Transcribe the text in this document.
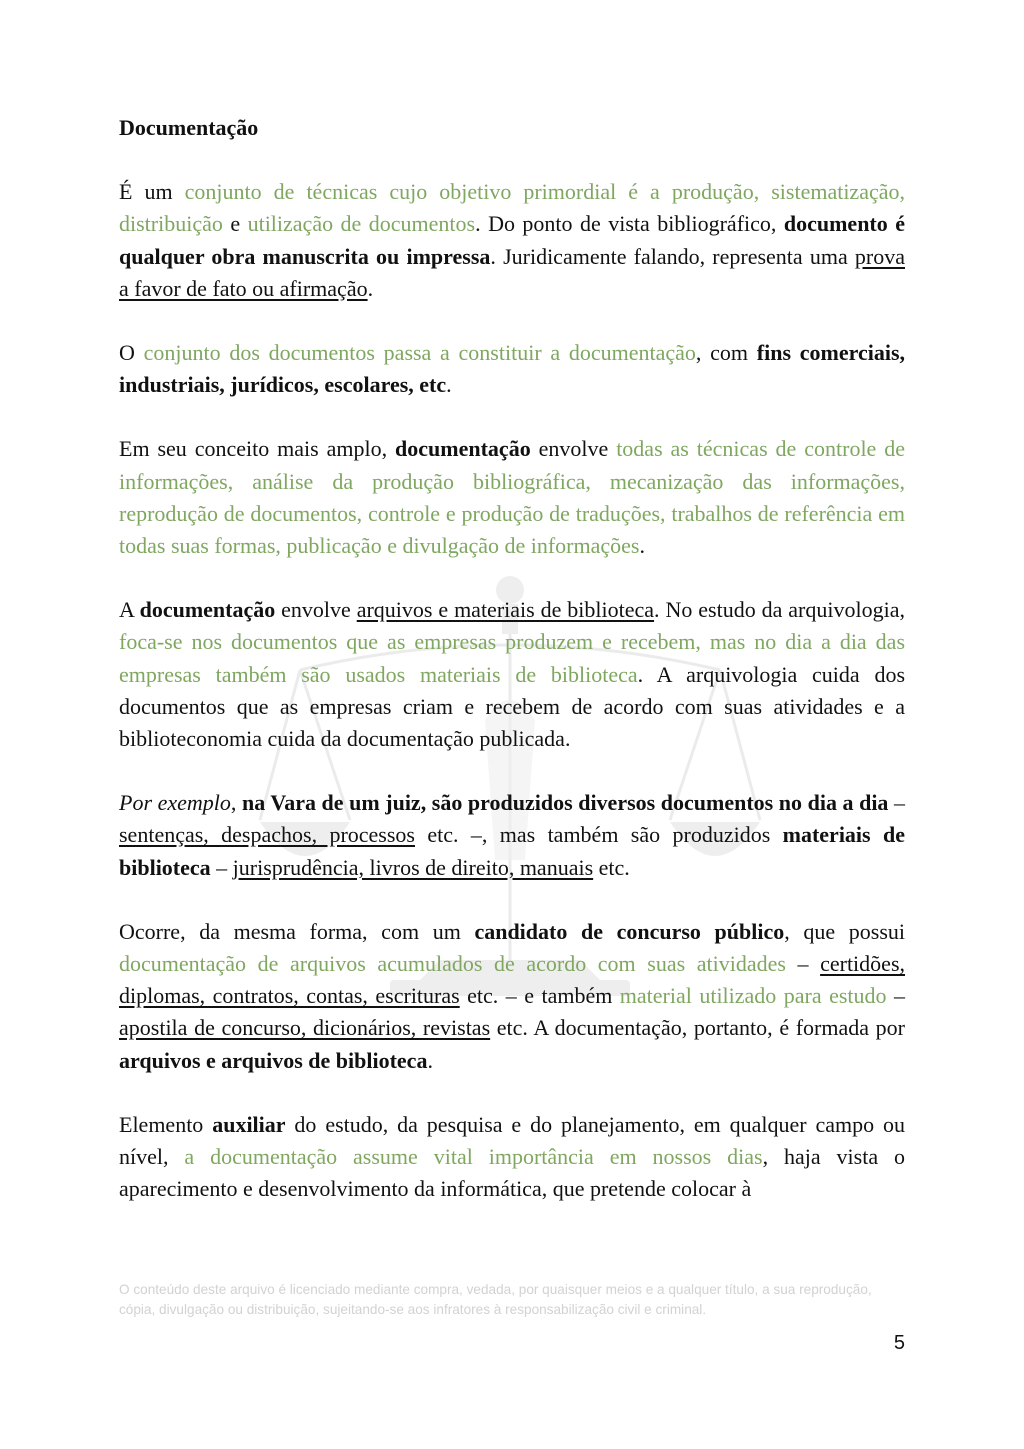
Documentação

É um conjunto de técnicas cujo objetivo primordial é a produção, sistematização, distribuição e utilização de documentos. Do ponto de vista bibliográfico, documento é qualquer obra manuscrita ou impressa. Juridicamente falando, representa uma prova a favor de fato ou afirmação.

O conjunto dos documentos passa a constituir a documentação, com fins comerciais, industriais, jurídicos, escolares, etc.

Em seu conceito mais amplo, documentação envolve todas as técnicas de controle de informações, análise da produção bibliográfica, mecanização das informações, reprodução de documentos, controle e produção de traduções, trabalhos de referência em todas suas formas, publicação e divulgação de informações.

A documentação envolve arquivos e materiais de biblioteca. No estudo da arquivologia, foca-se nos documentos que as empresas produzem e recebem, mas no dia a dia das empresas também são usados materiais de biblioteca. A arquivologia cuida dos documentos que as empresas criam e recebem de acordo com suas atividades e a biblioteconomia cuida da documentação publicada.

Por exemplo, na Vara de um juiz, são produzidos diversos documentos no dia a dia – sentenças, despachos, processos etc. –, mas também são produzidos materiais de biblioteca – jurisprudência, livros de direito, manuais etc.

Ocorre, da mesma forma, com um candidato de concurso público, que possui documentação de arquivos acumulados de acordo com suas atividades – certidões, diplomas, contratos, contas, escrituras etc. – e também material utilizado para estudo – apostila de concurso, dicionários, revistas etc. A documentação, portanto, é formada por arquivos e arquivos de biblioteca.

Elemento auxiliar do estudo, da pesquisa e do planejamento, em qualquer campo ou nível, a documentação assume vital importância em nossos dias, haja vista o aparecimento e desenvolvimento da informática, que pretende colocar à

O conteúdo deste arquivo é licenciado mediante compra, vedada, por quaisquer meios e a qualquer título, a sua reprodução, cópia, divulgação ou distribuição, sujeitando-se aos infratores à responsabilização civil e criminal.
5
